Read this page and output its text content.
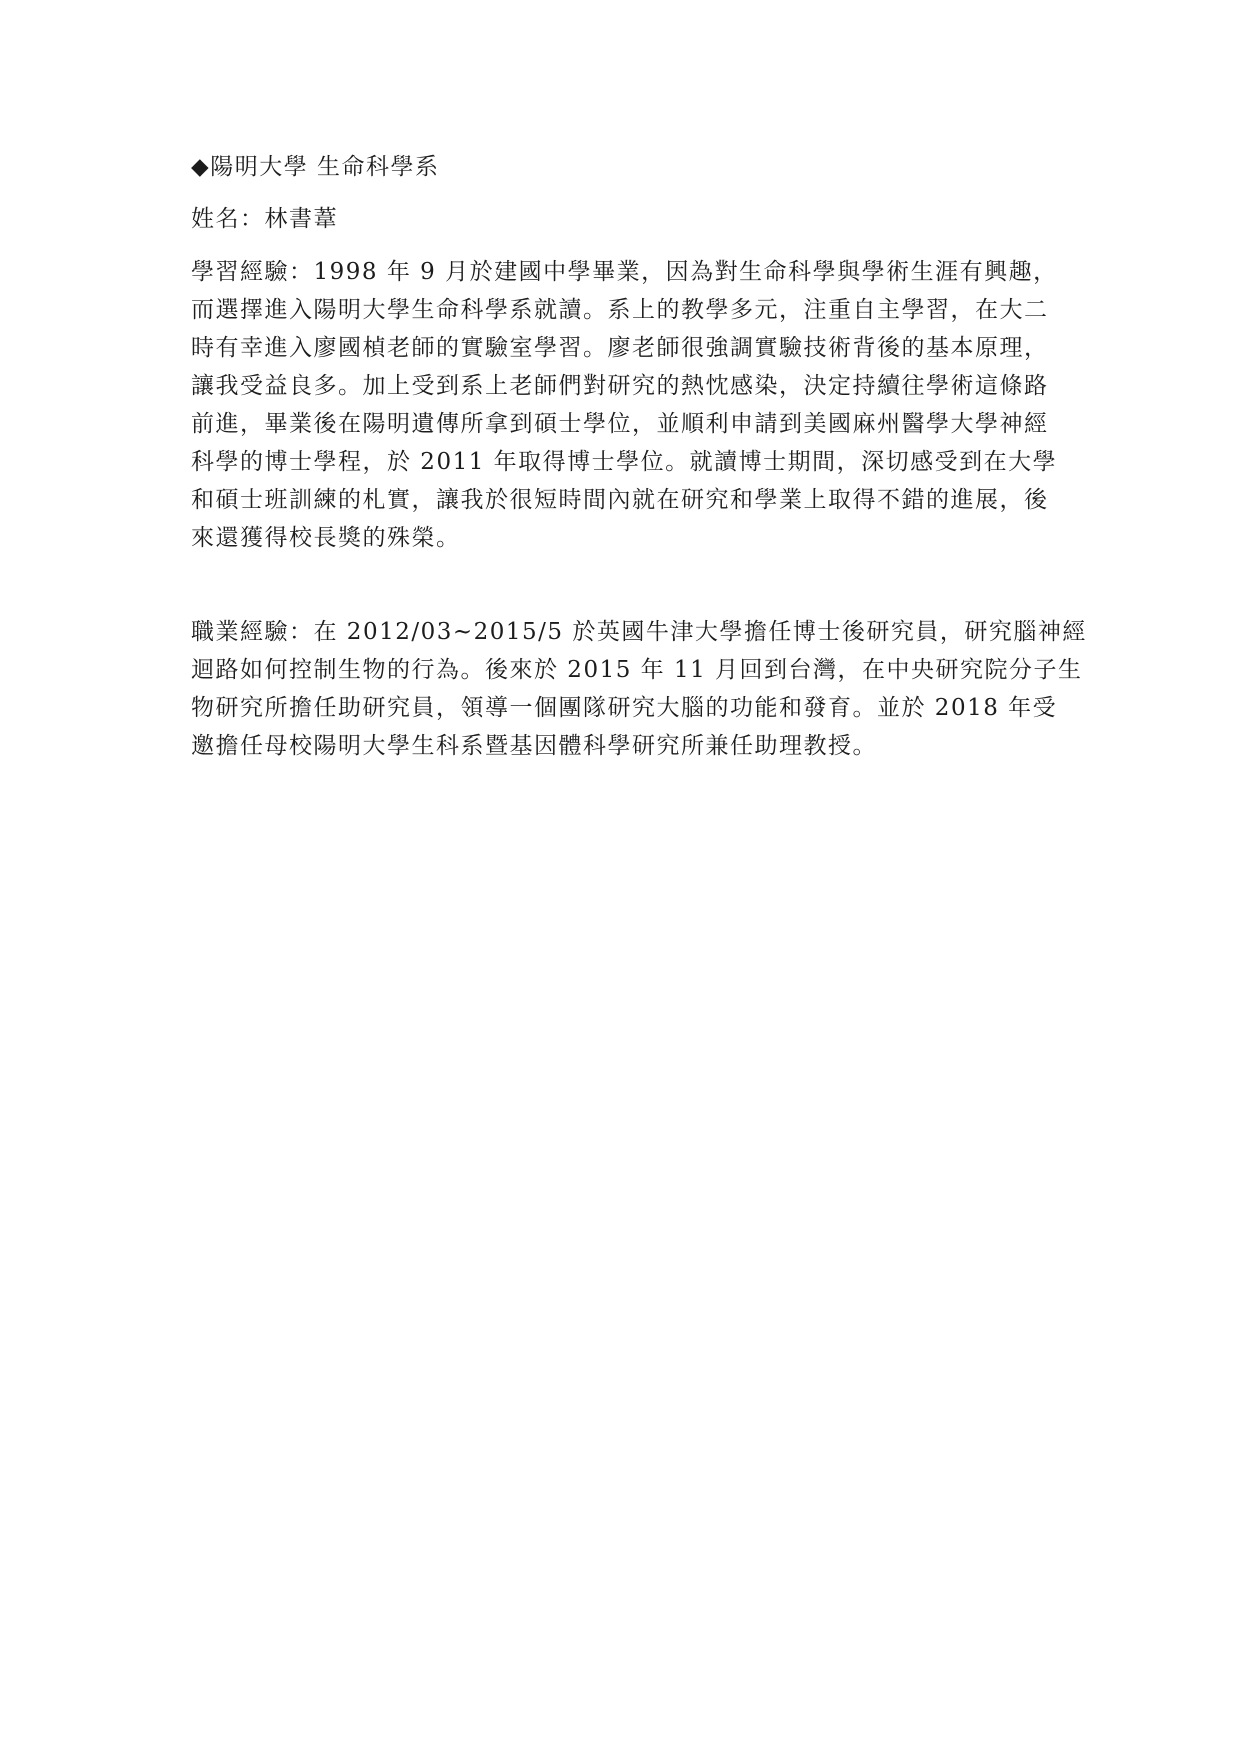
◆陽明大學 生命科學系

姓名：林書葦

學習經驗：1998 年 9 月於建國中學畢業，因為對生命科學與學術生涯有興趣，
而選擇進入陽明大學生命科學系就讀。系上的教學多元，注重自主學習，在大二
時有幸進入廖國楨老師的實驗室學習。廖老師很強調實驗技術背後的基本原理，
讓我受益良多。加上受到系上老師們對研究的熱忱感染，決定持續往學術這條路
前進，畢業後在陽明遺傳所拿到碩士學位，並順利申請到美國麻州醫學大學神經
科學的博士學程，於 2011 年取得博士學位。就讀博士期間，深切感受到在大學
和碩士班訓練的札實，讓我於很短時間內就在研究和學業上取得不錯的進展，後
來還獲得校長獎的殊榮。
職業經驗：在 2012/03~2015/5 於英國牛津大學擔任博士後研究員，研究腦神經
迴路如何控制生物的行為。後來於 2015 年 11 月回到台灣，在中央研究院分子生
物研究所擔任助研究員，領導一個團隊研究大腦的功能和發育。並於 2018 年受
邀擔任母校陽明大學生科系暨基因體科學研究所兼任助理教授。
